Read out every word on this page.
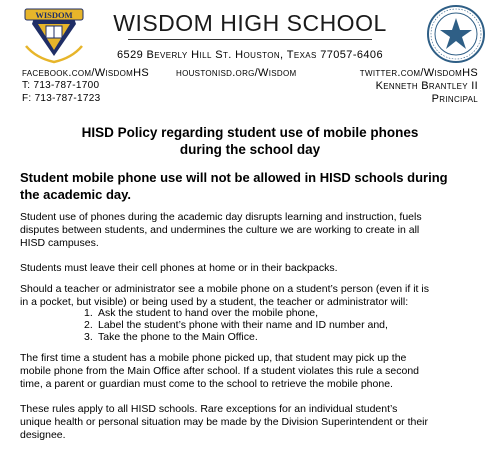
WISDOM	WISDOM HIGH SCHOOL
6529 Beverly Hill St. Houston, Texas 77057-6406
facebook.com/WisdomHS houstonisd.org/Wisdom	twitter.com/WisdomHS
T: 713-787-1700	Kenneth Brantley II
F: 713-787-1723	Principal
HISD Policy regarding student use of mobile phones
during the school day
Student mobile phone use will not be allowed in HISD schools during
the academic day.
Student use of phones during the academic day disrupts learning and instruction, fuels
disputes between students, and undermines the culture we are working to create in all
HISD campuses.
Students must leave their cell phones at home or in their backpacks.
Should a teacher or administrator see a mobile phone on a student’s person (even if it is
in a pocket, but visible) or being used by a student, the teacher or administrator will:
1. Ask the student to hand over the mobile phone,
2. Label the student’s phone with their name and ID number and,
3. Take the phone to the Main Office.
The first time a student has a mobile phone picked up, that student may pick up the
mobile phone from the Main Office after school. If a student violates this rule a second
time, a parent or guardian must come to the school to retrieve the mobile phone.
These rules apply to all HISD schools. Rare exceptions for an individual student’s
unique health or personal situation may be made by the Division Superintendent or their
designee.
